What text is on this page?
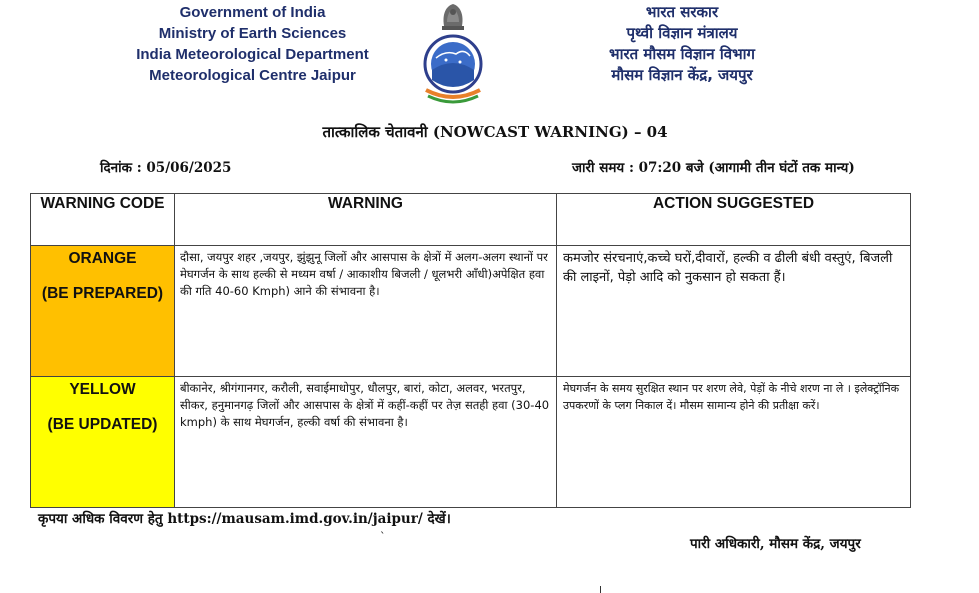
Government of India
Ministry of Earth Sciences
India Meteorological Department
Meteorological Centre Jaipur
भारत सरकार
पृथ्वी विज्ञान मंत्रालय
भारत मौसम विज्ञान विभाग
मौसम विज्ञान केंद्र, जयपुर
तात्कालिक चेतावनी (NOWCAST WARNING) – 04
दिनांक : 05/06/2025	जारी समय : 07:20 बजे (आगामी तीन घंटों तक मान्य)
WARNING CODE	WARNING	ACTION SUGGESTED

ORANGE
(BE PREPARED)	दौसा, जयपुर शहर ,जयपुर, झुंझुनू जिलों और आसपास के क्षेत्रों में अलग-अलग स्थानों पर मेघगर्जन के साथ हल्की से मध्यम वर्षा / आकाशीय बिजली / धूलभरी आँधी)अपेक्षित हवा की गति 40-60 Kmph) आने की संभावना है।	कमजोर संरचनाएं,कच्चे घरों,दीवारों, हल्की व ढीली बंधी वस्तुएं, बिजली की लाइनों, पेड़ो आदि को नुकसान हो सकता हैं।

YELLOW
(BE UPDATED)	बीकानेर, श्रीगंगानगर, करौली, सवाईमाधोपुर, धौलपुर, बारां, कोटा, अलवर, भरतपुर, सीकर, हनुमानगढ़ जिलों और आसपास के क्षेत्रों में कहीं-कहीं पर तेज़ सतही हवा (30-40 kmph) के साथ मेघगर्जन, हल्की वर्षा की संभावना है।	मेघगर्जन के समय सुरक्षित स्थान पर शरण लेवे, पेड़ों के नीचे शरण ना ले । इलेक्ट्रॉनिक उपकरणों के प्लग निकाल दें। मौसम सामान्य होने की प्रतीक्षा करें।
कृपया अधिक विवरण हेतु https://mausam.imd.gov.in/jaipur/ देखें।
`	पारी अधिकारी, मौसम केंद्र, जयपुर
